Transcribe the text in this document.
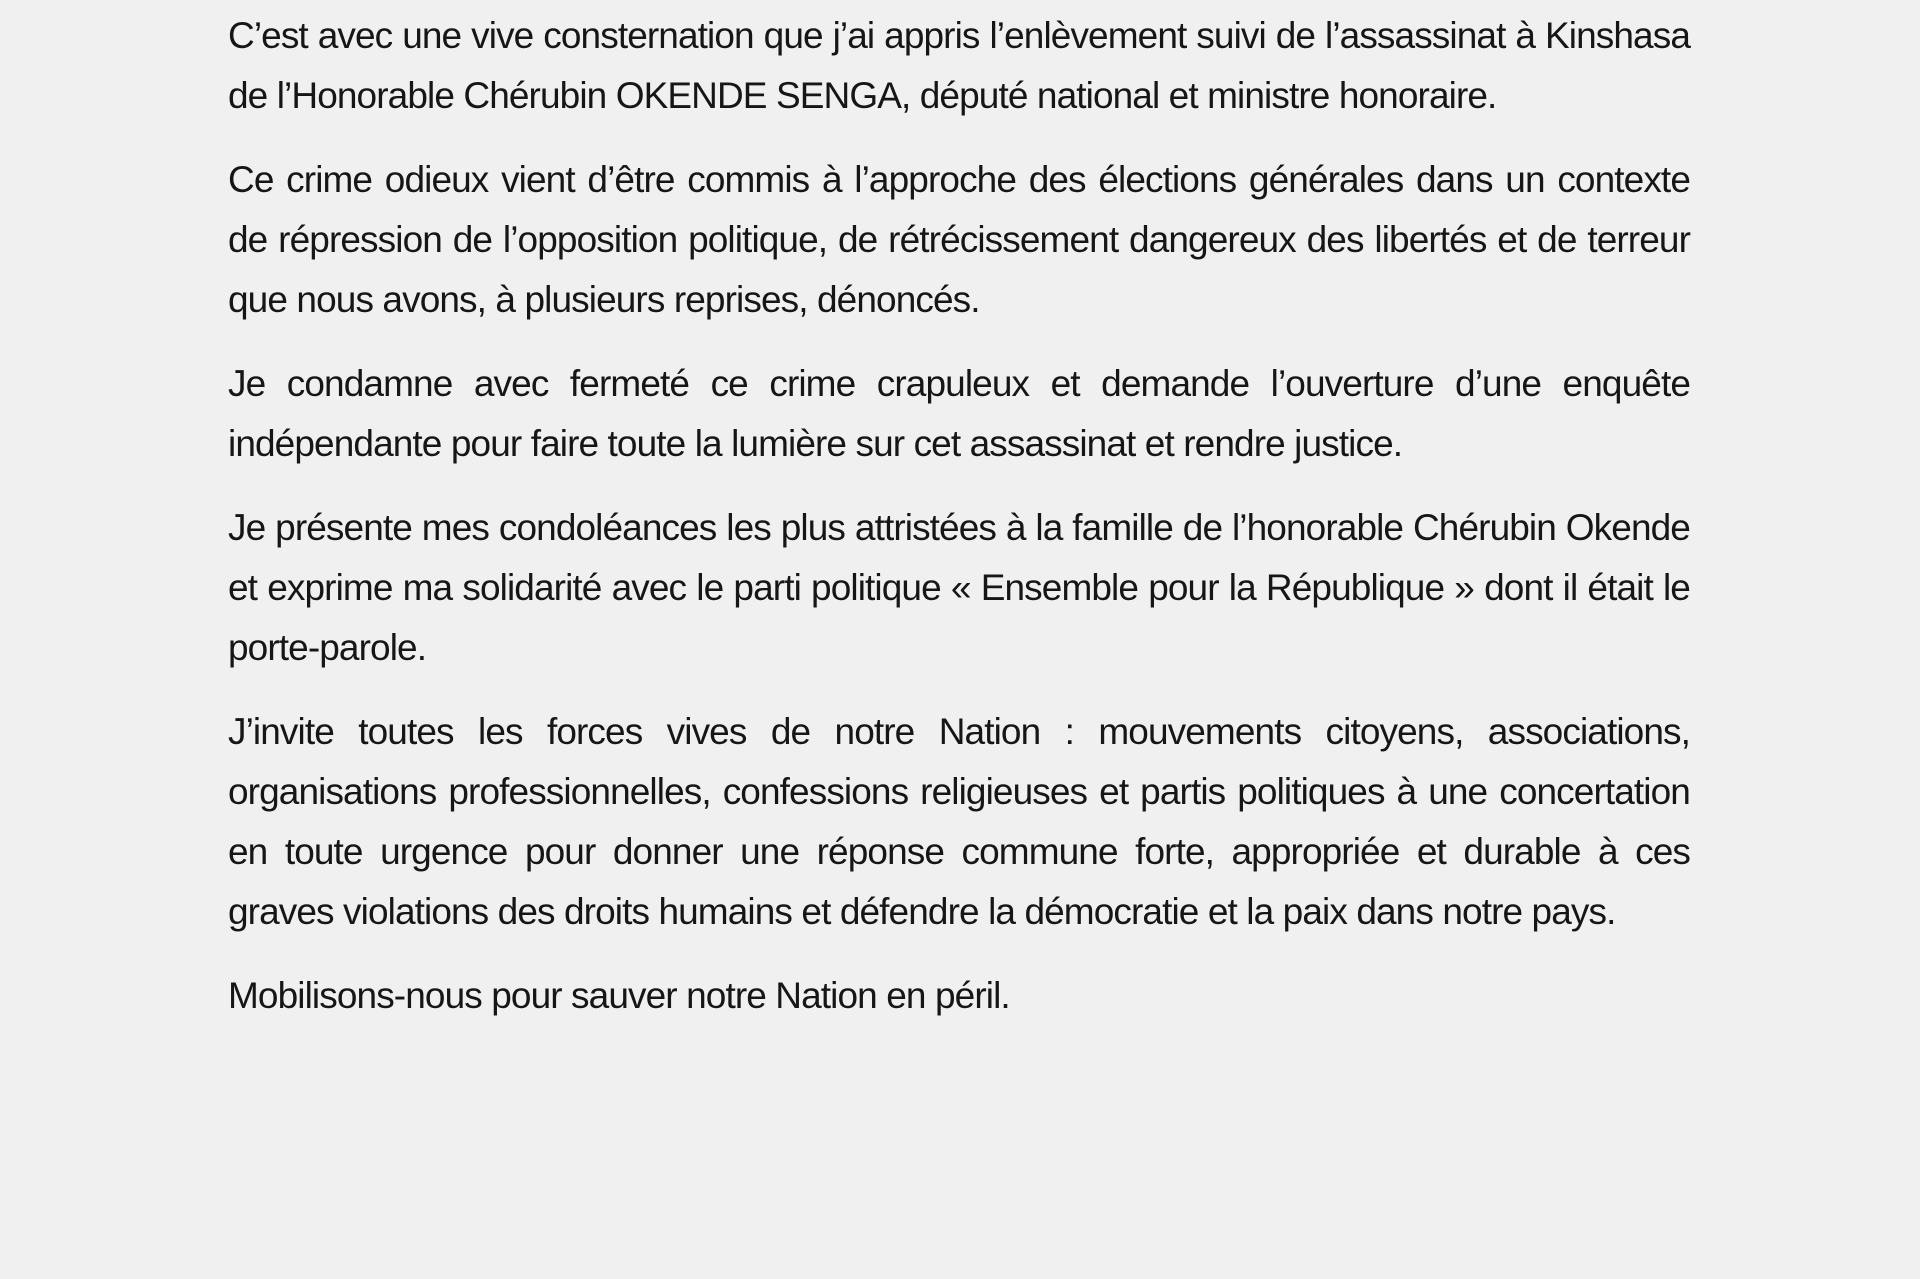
C’est avec une vive consternation que j’ai appris l’enlèvement suivi de l’assassinat à Kinshasa de l’Honorable Chérubin OKENDE SENGA, député national et ministre honoraire.

Ce crime odieux vient d’être commis à l’approche des élections générales dans un contexte de répression de l’opposition politique, de rétrécissement dangereux des libertés et de terreur que nous avons, à plusieurs reprises, dénoncés.

Je condamne avec fermeté ce crime crapuleux et demande l’ouverture d’une enquête indépendante pour faire toute la lumière sur cet assassinat et rendre justice.

Je présente mes condoléances les plus attristées à la famille de l’honorable Chérubin Okende et exprime ma solidarité avec le parti politique « Ensemble pour la République » dont il était le porte-parole.

J’invite toutes les forces vives de notre Nation : mouvements citoyens, associations, organisations professionnelles, confessions religieuses et partis politiques à une concertation en toute urgence pour donner une réponse commune forte, appropriée et durable à ces graves violations des droits humains et défendre la démocratie et la paix dans notre pays.

Mobilisons-nous pour sauver notre Nation en péril.
